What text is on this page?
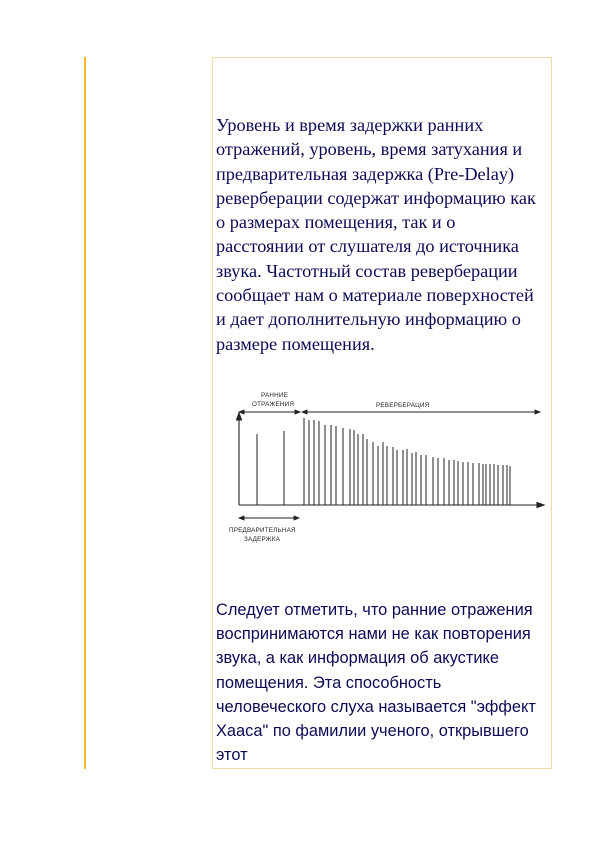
Уровень и время задержки ранних отражений, уровень, время затухания и предварительная задержка (Pre-Delay) реверберации содержат информацию как о размерах помещения, так и о расстоянии от слушателя до источника звука. Частотный состав реверберации сообщает нам о материале поверхностей и дает дополнительную информацию о размере помещения.

РАННИЕ
ОТРАЖЕНИЯ	РЕВЕРБЕРАЦИЯ
ПРЕДВАРИТЕЛЬНАЯ
ЗАДЕРЖКА

Следует отметить, что ранние отражения воспринимаются нами не как повторения звука, а как информация об акустике помещения. Эта способность человеческого слуха называется "эффект Хааса" по фамилии ученого, открывшего этот
